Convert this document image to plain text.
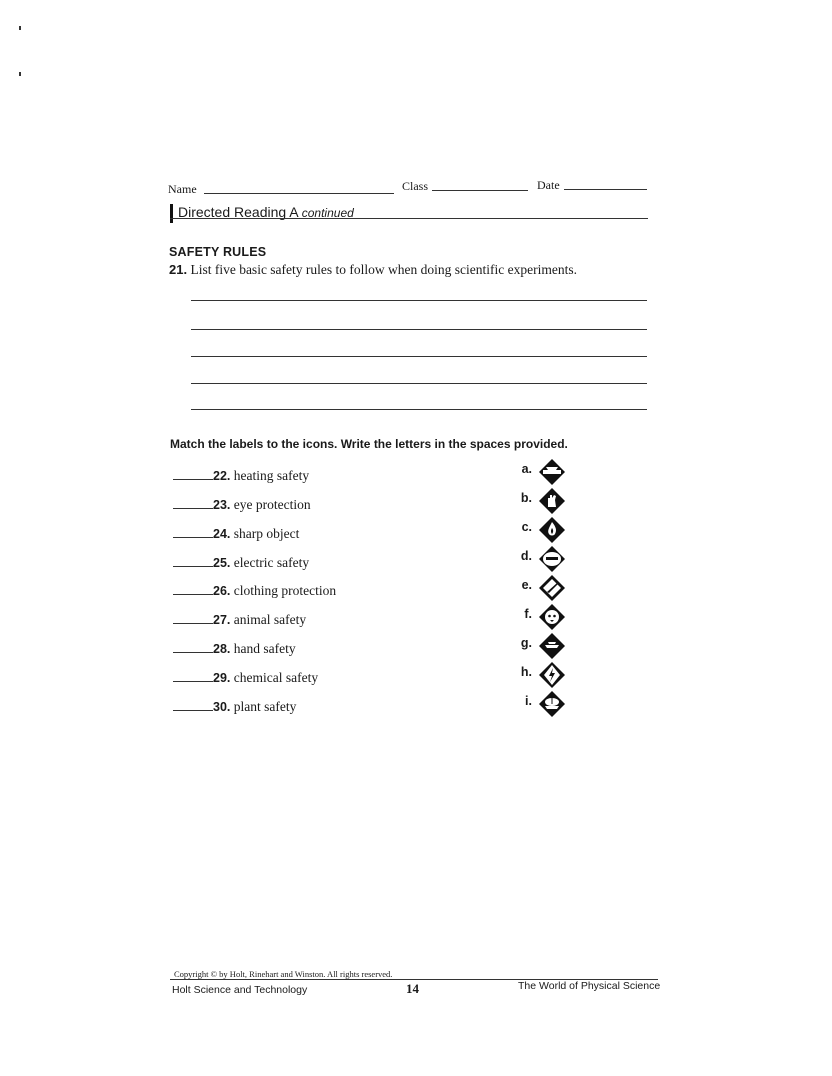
Name	Class	Date
Directed Reading A continued
SAFETY RULES
21. List five basic safety rules to follow when doing scientific experiments.
Match the labels to the icons. Write the letters in the spaces provided.
22. heating safety
23. eye protection
24. sharp object
25. electric safety
26. clothing protection
27. animal safety
28. hand safety
29. chemical safety
30. plant safety
a.
b.
c.
d.
e.
f.
g.
h.
i.
Copyright © by Holt, Rinehart and Winston. All rights reserved.
Holt Science and Technology	14	The World of Physical Science
